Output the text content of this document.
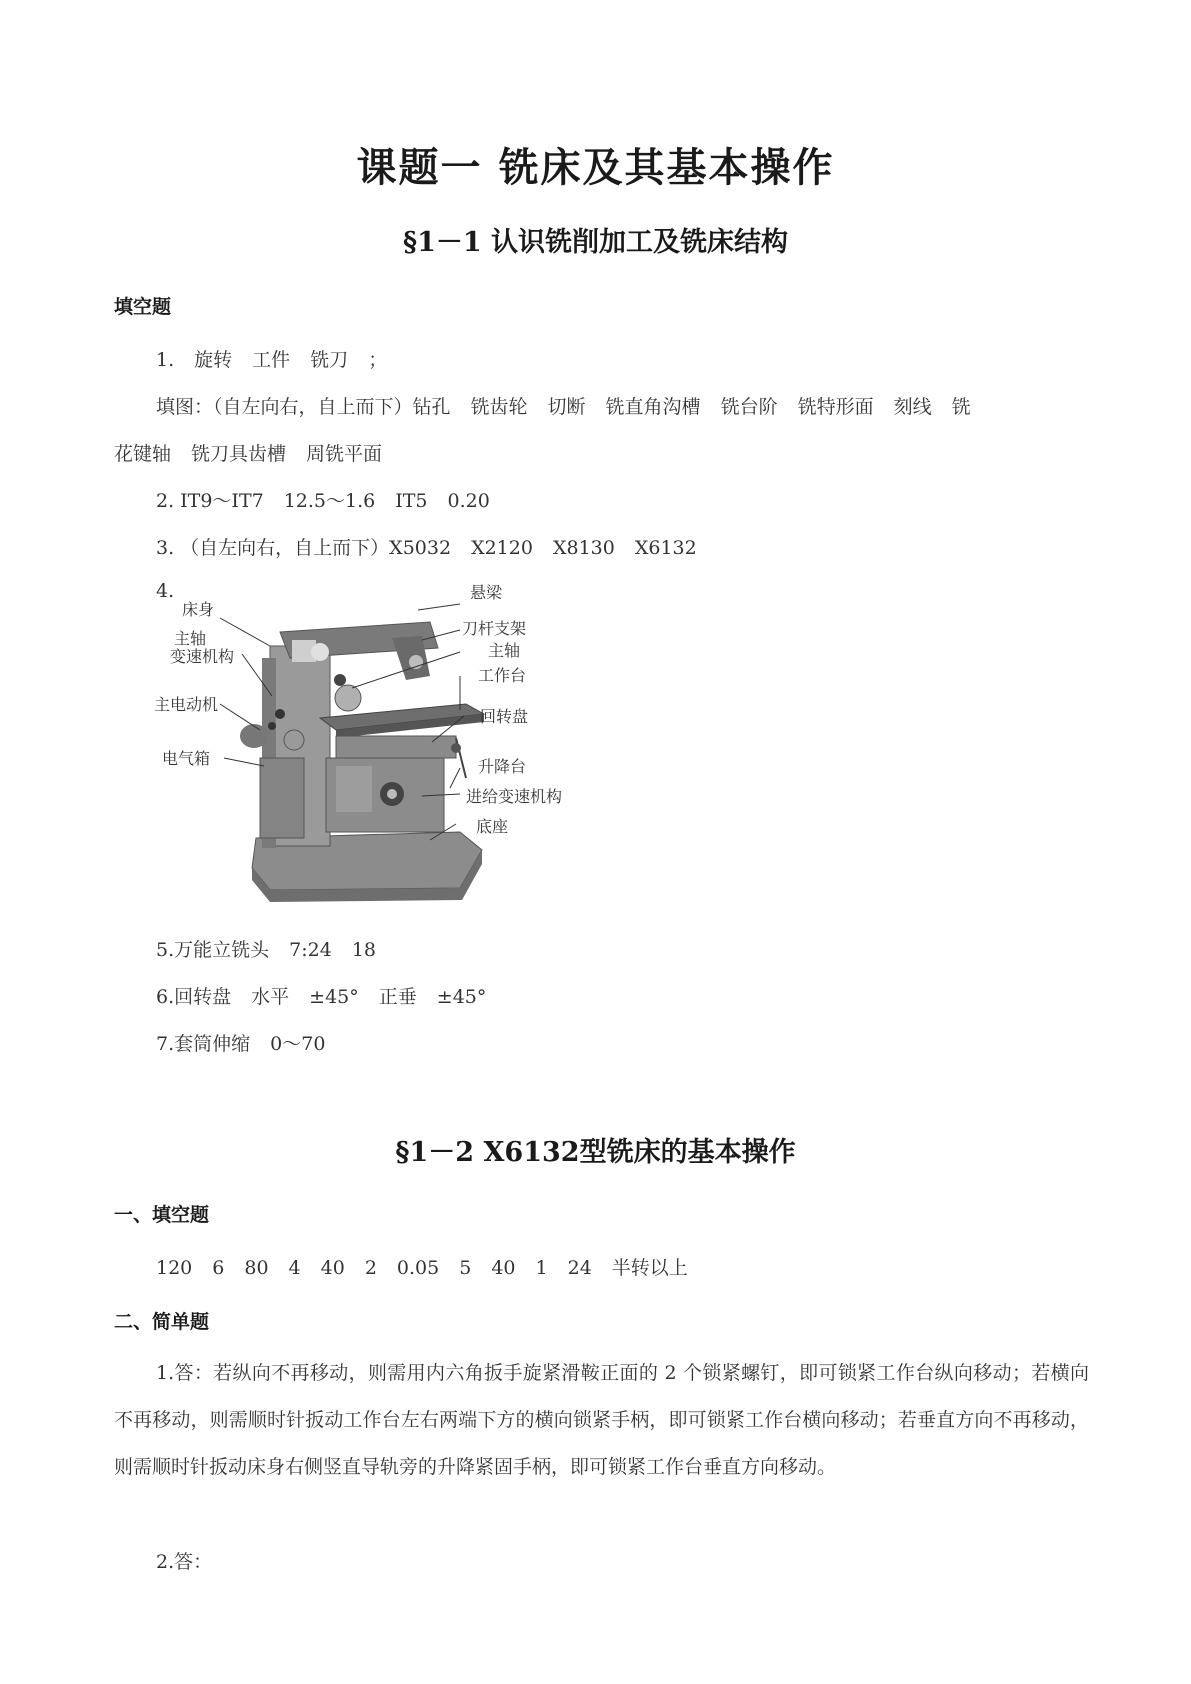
课题一 铣床及其基本操作
§1－1 认识铣削加工及铣床结构
填空题
1. 旋转 工件 铣刀 ；
填图：（自左向右，自上而下）钻孔 铣齿轮 切断 铣直角沟槽 铣台阶 铣特形面 刻线 铣
花键轴 铣刀具齿槽 周铣平面
2. IT9～IT7 12.5～1.6 IT5 0.20
3. （自左向右，自上而下）X5032 X2120 X8130 X6132
4.
床身
主轴
变速机构
主电动机
电气箱
悬梁
刀杆支架
主轴
工作台
回转盘
升降台
进给变速机构
底座
5.万能立铣头 7:24 18
6.回转盘 水平 ±45° 正垂 ±45°
7.套筒伸缩 0～70
§1－2 X6132型铣床的基本操作
一、填空题
120 6 80 4 40 2 0.05 5 40 1 24 半转以上
二、简单题
1.答：若纵向不再移动，则需用内六角扳手旋紧滑鞍正面的 2 个锁紧螺钉，即可锁紧工作台纵向移动；若横向不再移动，则需顺时针扳动工作台左右两端下方的横向锁紧手柄，即可锁紧工作台横向移动；若垂直方向不再移动，则需顺时针扳动床身右侧竖直导轨旁的升降紧固手柄，即可锁紧工作台垂直方向移动。
2.答：
